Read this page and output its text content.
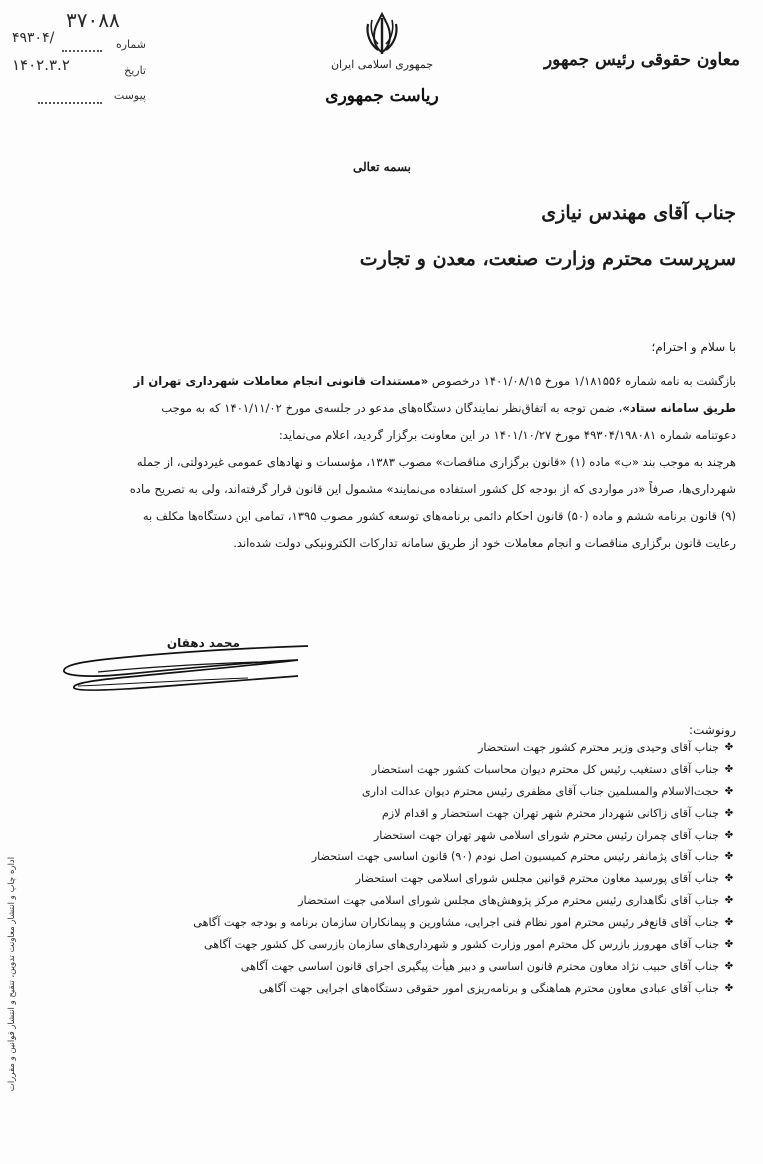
۳۷۰۸۸
۴۹۳۰۴/	شماره
۱۴۰۲.۳.۲	تاریخ
پیوست
جمهوری اسلامی ایران
ریاست جمهوری
معاون حقوقی رئیس جمهور
بسمه تعالی
جناب آقای مهندس نیازی
سرپرست محترم وزارت صنعت، معدن و تجارت
با سلام و احترام؛
بازگشت به نامه شماره ۱/۱۸۱۵۵۶ مورخ ۱۴۰۱/۰۸/۱۵ درخصوص «مستندات قانونی انجام معاملات شهرداری تهران از
طریق سامانه ستاد»، ضمن توجه به اتفاق‌نظر نمایندگان دستگاه‌های مدعو در جلسه‌ی مورخ ۱۴۰۱/۱۱/۰۲ که به موجب
دعوتنامه شماره ۴۹۳۰۴/۱۹۸۰۸۱ مورخ ۱۴۰۱/۱۰/۲۷ در این معاونت برگزار گردید، اعلام می‌نماید:
هرچند به موجب بند «ب» ماده (۱) «قانون برگزاری مناقصات» مصوب ۱۳۸۳، مؤسسات و نهادهای عمومی غیردولتی، از جمله
شهرداری‌ها، صرفاً «در مواردی که از بودجه کل کشور استفاده می‌نمایند» مشمول این قانون قرار گرفته‌اند، ولی به تصریح ماده
(۹) قانون برنامه ششم و ماده (۵۰) قانون احکام دائمی برنامه‌های توسعه کشور مصوب ۱۳۹۵، تمامی این دستگاه‌ها مکلف به
رعایت قانون برگزاری مناقصات و انجام معاملات خود از طریق سامانه تدارکات الکترونیکی دولت شده‌اند.
محمد دهقان
رونوشت:
✤
جناب آقای وحیدی وزیر محترم کشور جهت استحضار
✤
جناب آقای دستغیب رئیس کل محترم دیوان محاسبات کشور جهت استحضار
✤
حجت‌الاسلام والمسلمین جناب آقای مظفری رئیس محترم دیوان عدالت اداری
✤
جناب آقای زاکانی شهردار محترم شهر تهران جهت استحضار و اقدام لازم
✤
جناب آقای چمران رئیس محترم شورای اسلامی شهر تهران جهت استحضار
✤
جناب آقای پژمانفر رئیس محترم کمیسیون اصل نودم (۹۰) قانون اساسی جهت استحضار
✤
جناب آقای پورسید معاون محترم قوانین مجلس شورای اسلامی جهت استحضار
✤
جناب آقای نگاهداری رئیس محترم مرکز پژوهش‌های مجلس شورای اسلامی جهت استحضار
✤
جناب آقای قانع‌فر رئیس محترم امور نظام فنی اجرایی، مشاورین و پیمانکاران سازمان برنامه و بودجه جهت آگاهی
✤
جناب آقای مهرورز بازرس کل محترم امور وزارت کشور و شهرداری‌های سازمان بازرسی کل کشور جهت آگاهی
✤
جناب آقای حبیب نژاد معاون محترم قانون اساسی و دبیر هیأت پیگیری اجرای قانون اساسی جهت آگاهی
✤
جناب آقای عبادی معاون محترم هماهنگی و برنامه‌ریزی امور حقوقی دستگاه‌های اجرایی جهت آگاهی
اداره چاپ و انتشار معاونت تدوین، تنقیح و انتشار قوانین و مقررات
